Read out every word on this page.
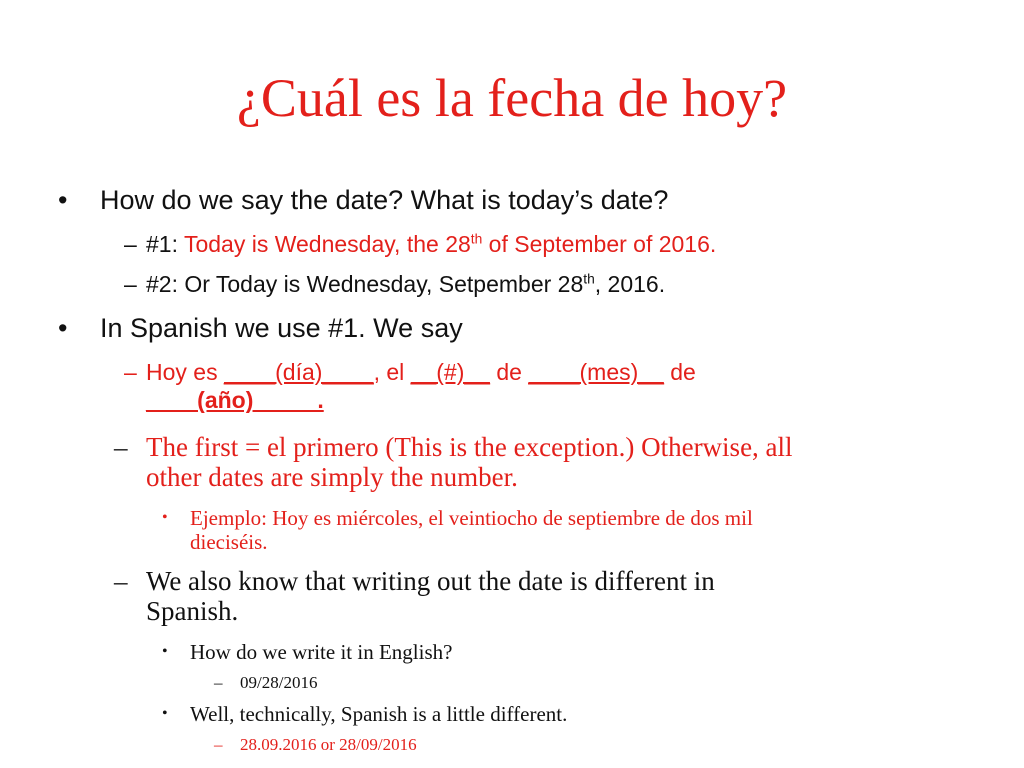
¿Cuál es la fecha de hoy?
•	How do we say the date? What is today’s date?
– #1: Today is Wednesday, the 28th of September of 2016.
– #2: Or Today is Wednesday, Setpember 28th, 2016.
•	In Spanish we use #1. We say
– Hoy es ____(día)____, el __(#)__ de ____(mes)__ de
____(año)_____.
– The first = el primero (This is the exception.) Otherwise, all
other dates are simply the number.
•	Ejemplo: Hoy es miércoles, el veintiocho de septiembre de dos mil
dieciséis.
– We also know that writing out the date is different in
Spanish.
•	How do we write it in English?
–	09/28/2016
•	Well, technically, Spanish is a little different.
–	28.09.2016 or 28/09/2016
